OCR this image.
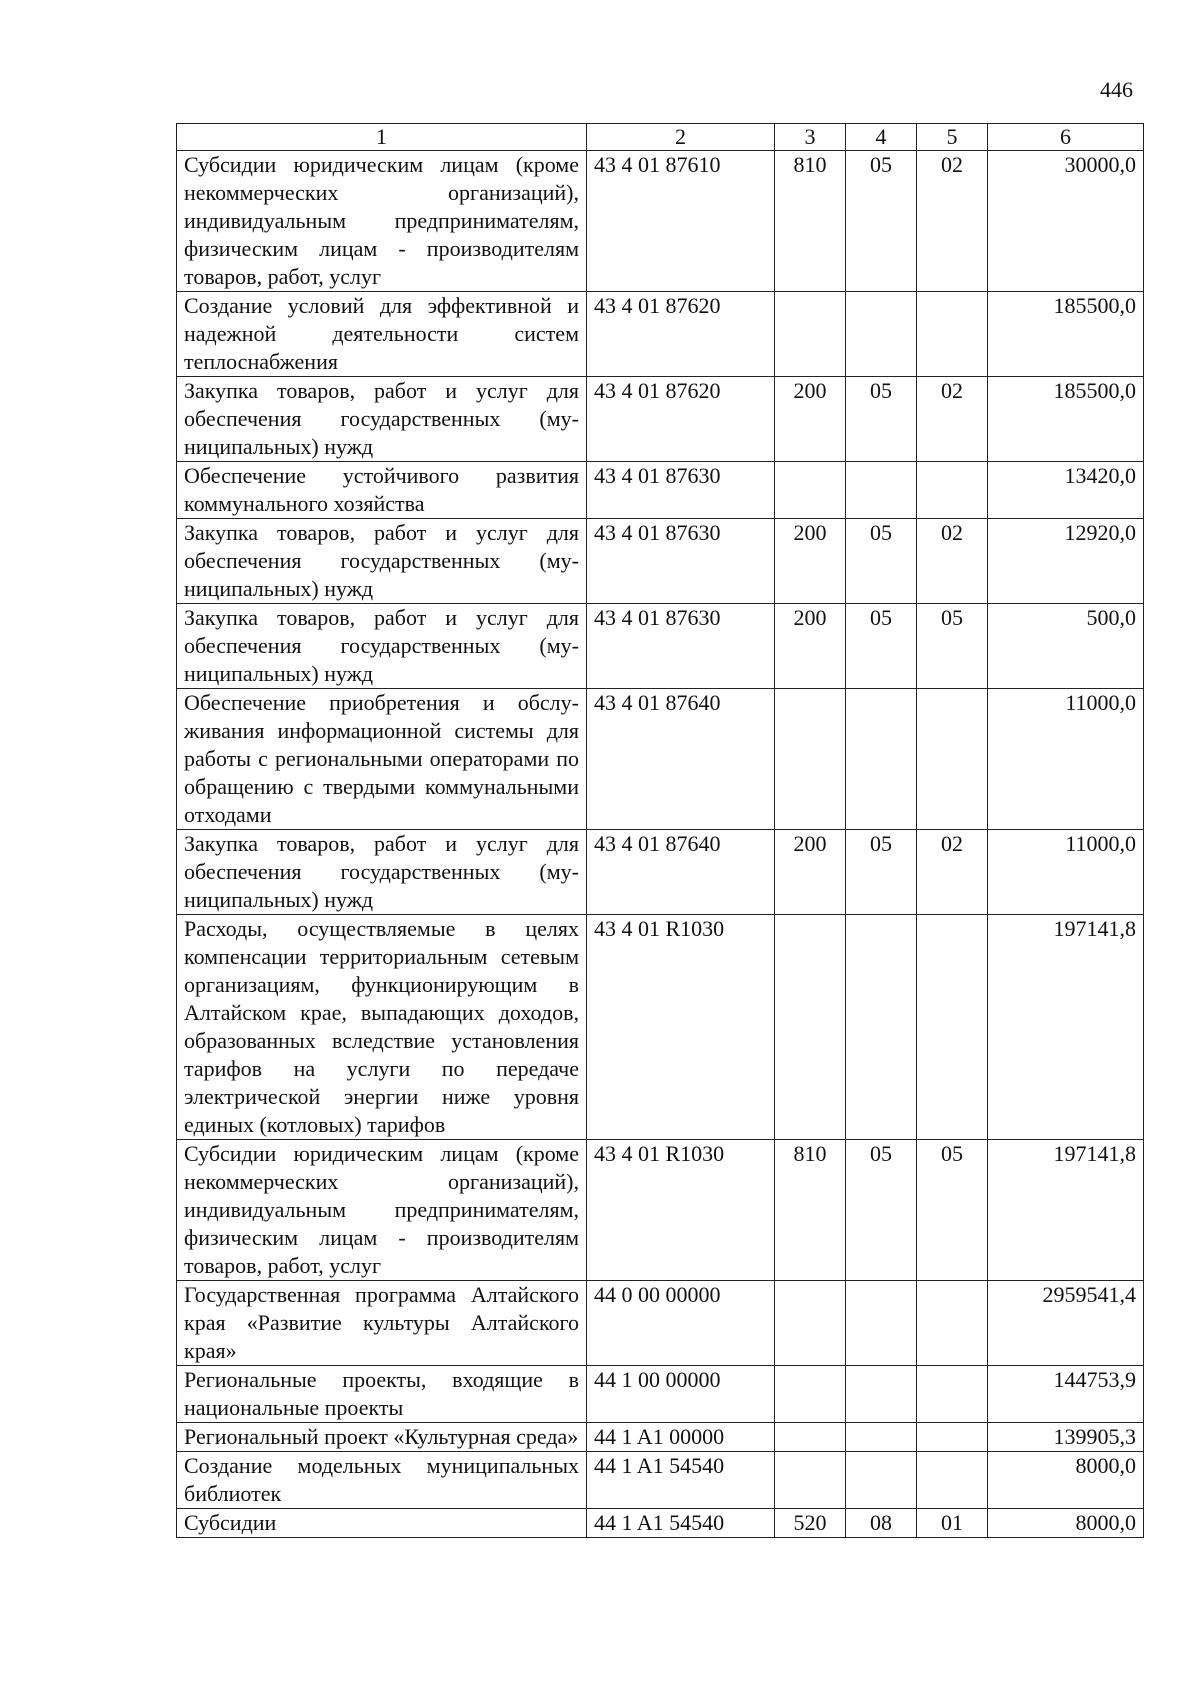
446
1	2	3	4	5	6
Субсидии юридическим лицам (кроме некоммерческих организаций), индивидуальным предпринимателям, физическим лицам - производителям товаров, работ, услуг	43 4 01 87610	810	05	02	30000,0
Создание условий для эффективной и надежной деятельности систем теплоснабжения	43 4 01 87620				185500,0
Закупка товаров, работ и услуг для обеспечения государственных (муниципальных) нужд	43 4 01 87620	200	05	02	185500,0
Обеспечение устойчивого развития коммунального хозяйства	43 4 01 87630				13420,0
Закупка товаров, работ и услуг для обеспечения государственных (муниципальных) нужд	43 4 01 87630	200	05	02	12920,0
Закупка товаров, работ и услуг для обеспечения государственных (муниципальных) нужд	43 4 01 87630	200	05	05	500,0
Обеспечение приобретения и обслуживания информационной системы для работы с региональными операторами по обращению с твердыми коммунальными отходами	43 4 01 87640				11000,0
Закупка товаров, работ и услуг для обеспечения государственных (муниципальных) нужд	43 4 01 87640	200	05	02	11000,0
Расходы, осуществляемые в целях компенсации территориальным сетевым организациям, функционирующим в Алтайском крае, выпадающих доходов, образованных вследствие установления тарифов на услуги по передаче электрической энергии ниже уровня единых (котловых) тарифов	43 4 01 R1030				197141,8
Субсидии юридическим лицам (кроме некоммерческих организаций), индивидуальным предпринимателям, физическим лицам - производителям товаров, работ, услуг	43 4 01 R1030	810	05	05	197141,8
Государственная программа Алтайского края «Развитие культуры Алтайского края»	44 0 00 00000				2959541,4
Региональные проекты, входящие в национальные проекты	44 1 00 00000				144753,9
Региональный проект «Культурная среда»	44 1 A1 00000				139905,3
Создание модельных муниципальных библиотек	44 1 A1 54540				8000,0
Субсидии	44 1 A1 54540	520	08	01	8000,0
